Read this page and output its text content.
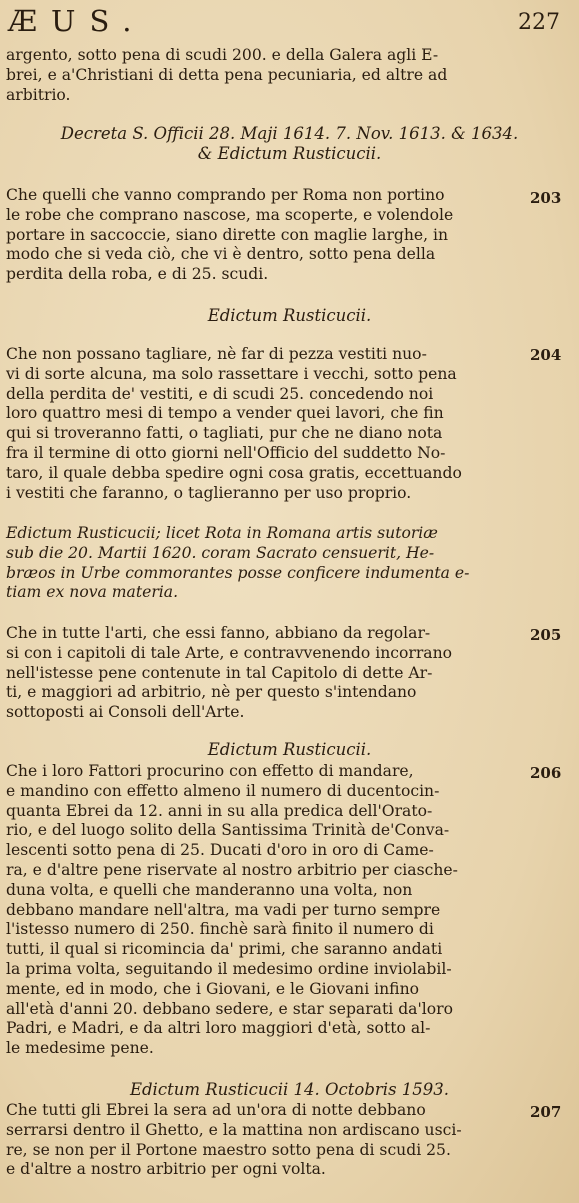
ÆUS.	227

argento, sotto pena di scudi 200. e della Galera agli E-
brei, e a'Christiani di detta pena pecuniaria, ed altre ad
arbitrio.

Decreta S. Officii 28. Maji 1614. 7. Nov. 1613. & 1634.
& Edictum Rusticucii.
203

Che quelli che vanno comprando per Roma non portino
le robe che comprano nascose, ma scoperte, e volendole
portare in saccoccie, siano dirette con maglie larghe, in
modo che si veda ciò, che vi è dentro, sotto pena della
perdita della roba, e di 25. scudi.

Edictum Rusticucii.
204

Che non possano tagliare, nè far di pezza vestiti nuo-
vi di sorte alcuna, ma solo rassettare i vecchi, sotto pena
della perdita de' vestiti, e di scudi 25. concedendo noi
loro quattro mesi di tempo a vender quei lavori, che fin
qui si troveranno fatti, o tagliati, pur che ne diano nota
fra il termine di otto giorni nell'Officio del suddetto No-
taro, il quale debba spedire ogni cosa gratis, eccettuando
i vestiti che faranno, o taglieranno per uso proprio.

Edictum Rusticucii; licet Rota in Romana artis sutoriæ
sub die 20. Martii 1620. coram Sacrato censuerit, He-
bræos in Urbe commorantes posse conficere indumenta e-
tiam ex nova materia.
205

Che in tutte l'arti, che essi fanno, abbiano da regolar-
si con i capitoli di tale Arte, e contravvenendo incorrano
nell'istesse pene contenute in tal Capitolo di dette Ar-
ti, e maggiori ad arbitrio, nè per questo s'intendano
sottoposti ai Consoli dell'Arte.

Edictum Rusticucii.
206

Che i loro Fattori procurino con effetto di mandare,
e mandino con effetto almeno il numero di ducentocin-
quanta Ebrei da 12. anni in su alla predica dell'Orato-
rio, e del luogo solito della Santissima Trinità de'Conva-
lescenti sotto pena di 25. Ducati d'oro in oro di Came-
ra, e d'altre pene riservate al nostro arbitrio per ciasche-
duna volta, e quelli che manderanno una volta, non
debbano mandare nell'altra, ma vadi per turno sempre
l'istesso numero di 250. finchè sarà finito il numero di
tutti, il qual si ricomincia da' primi, che saranno andati
la prima volta, seguitando il medesimo ordine inviolabil-
mente, ed in modo, che i Giovani, e le Giovani infino
all'età d'anni 20. debbano sedere, e star separati da'loro
Padri, e Madri, e da altri loro maggiori d'età, sotto al-
le medesime pene.

Edictum Rusticucii 14. Octobris 1593.
207

Che tutti gli Ebrei la sera ad un'ora di notte debbano
serrarsi dentro il Ghetto, e la mattina non ardiscano usci-
re, se non per il Portone maestro sotto pena di scudi 25.
e d'altre a nostro arbitrio per ogni volta.
